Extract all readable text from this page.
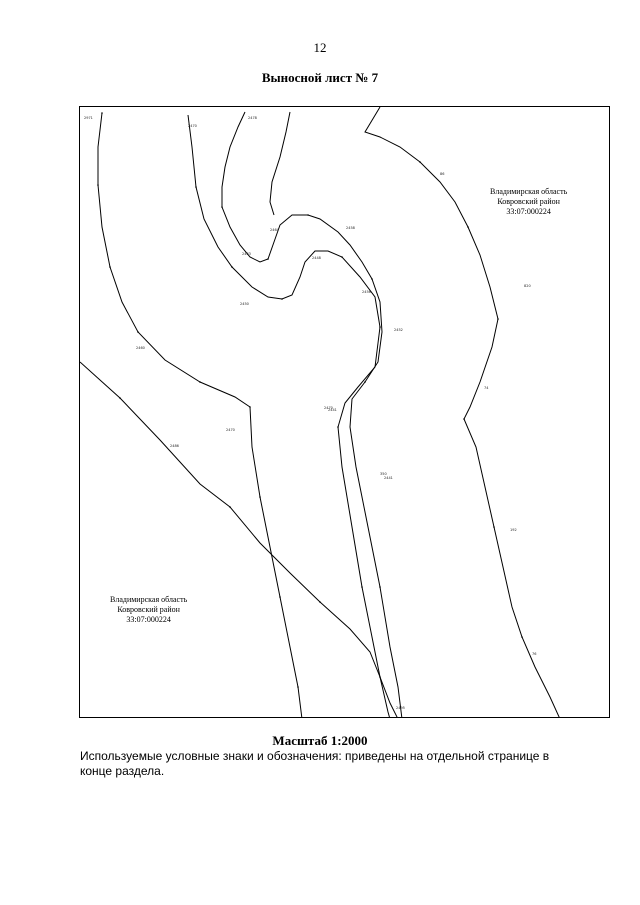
12
Выносной лист № 7
2971
2470
2478
2464
2463
2448
2458
2456
2452
2441
2441
2450
2460
2470
2495
2486
2470
86
820
74
192
76
350
Владимирская область
Ковровский район
33:07:000224
Владимирская область
Ковровский район
33:07:000224
Масштаб 1:2000
Используемые условные знаки и обозначения: приведены на отдельной странице в конце раздела.
